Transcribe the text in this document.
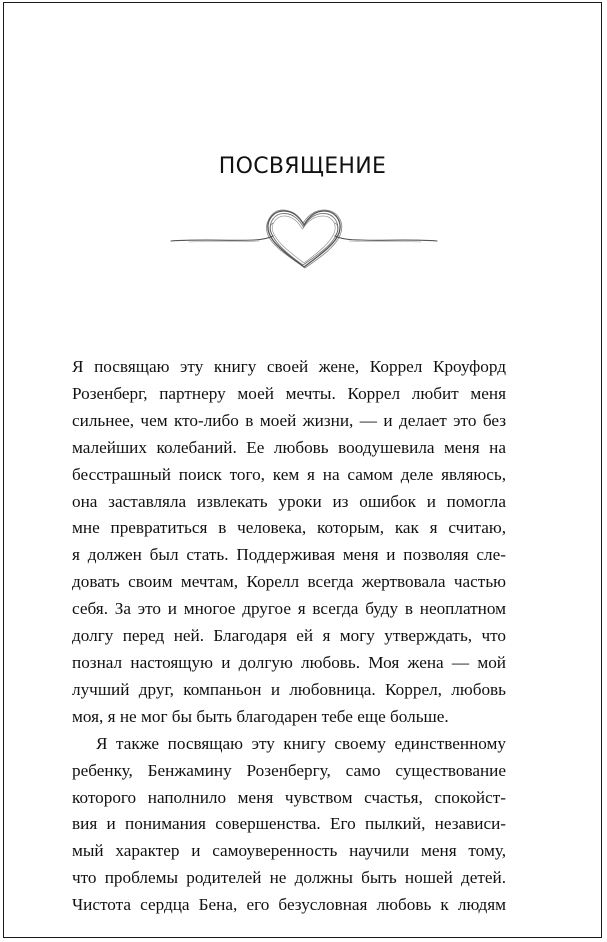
ПОСВЯЩЕНИЕ

Я посвящаю эту книгу своей жене, Коррел Кроуфорд
Розенберг, партнеру моей мечты. Коррел любит меня
сильнее, чем кто-либо в моей жизни, — и делает это без
малейших колебаний. Ее любовь воодушевила меня на
бесстрашный поиск того, кем я на самом деле являюсь,
она заставляла извлекать уроки из ошибок и помогла
мне превратиться в человека, которым, как я считаю,
я должен был стать. Поддерживая меня и позволяя сле-
довать своим мечтам, Корелл всегда жертвовала частью
себя. За это и многое другое я всегда буду в неоплатном
долгу перед ней. Благодаря ей я могу утверждать, что
познал настоящую и долгую любовь. Моя жена — мой
лучший друг, компаньон и любовница. Коррел, любовь
моя, я не мог бы быть благодарен тебе еще больше.

Я также посвящаю эту книгу своему единственному
ребенку, Бенжамину Розенбергу, само существование
которого наполнило меня чувством счастья, спокойст-
вия и понимания совершенства. Его пылкий, независи-
мый характер и самоуверенность научили меня тому,
что проблемы родителей не должны быть ношей детей.
Чистота сердца Бена, его безусловная любовь к людям
